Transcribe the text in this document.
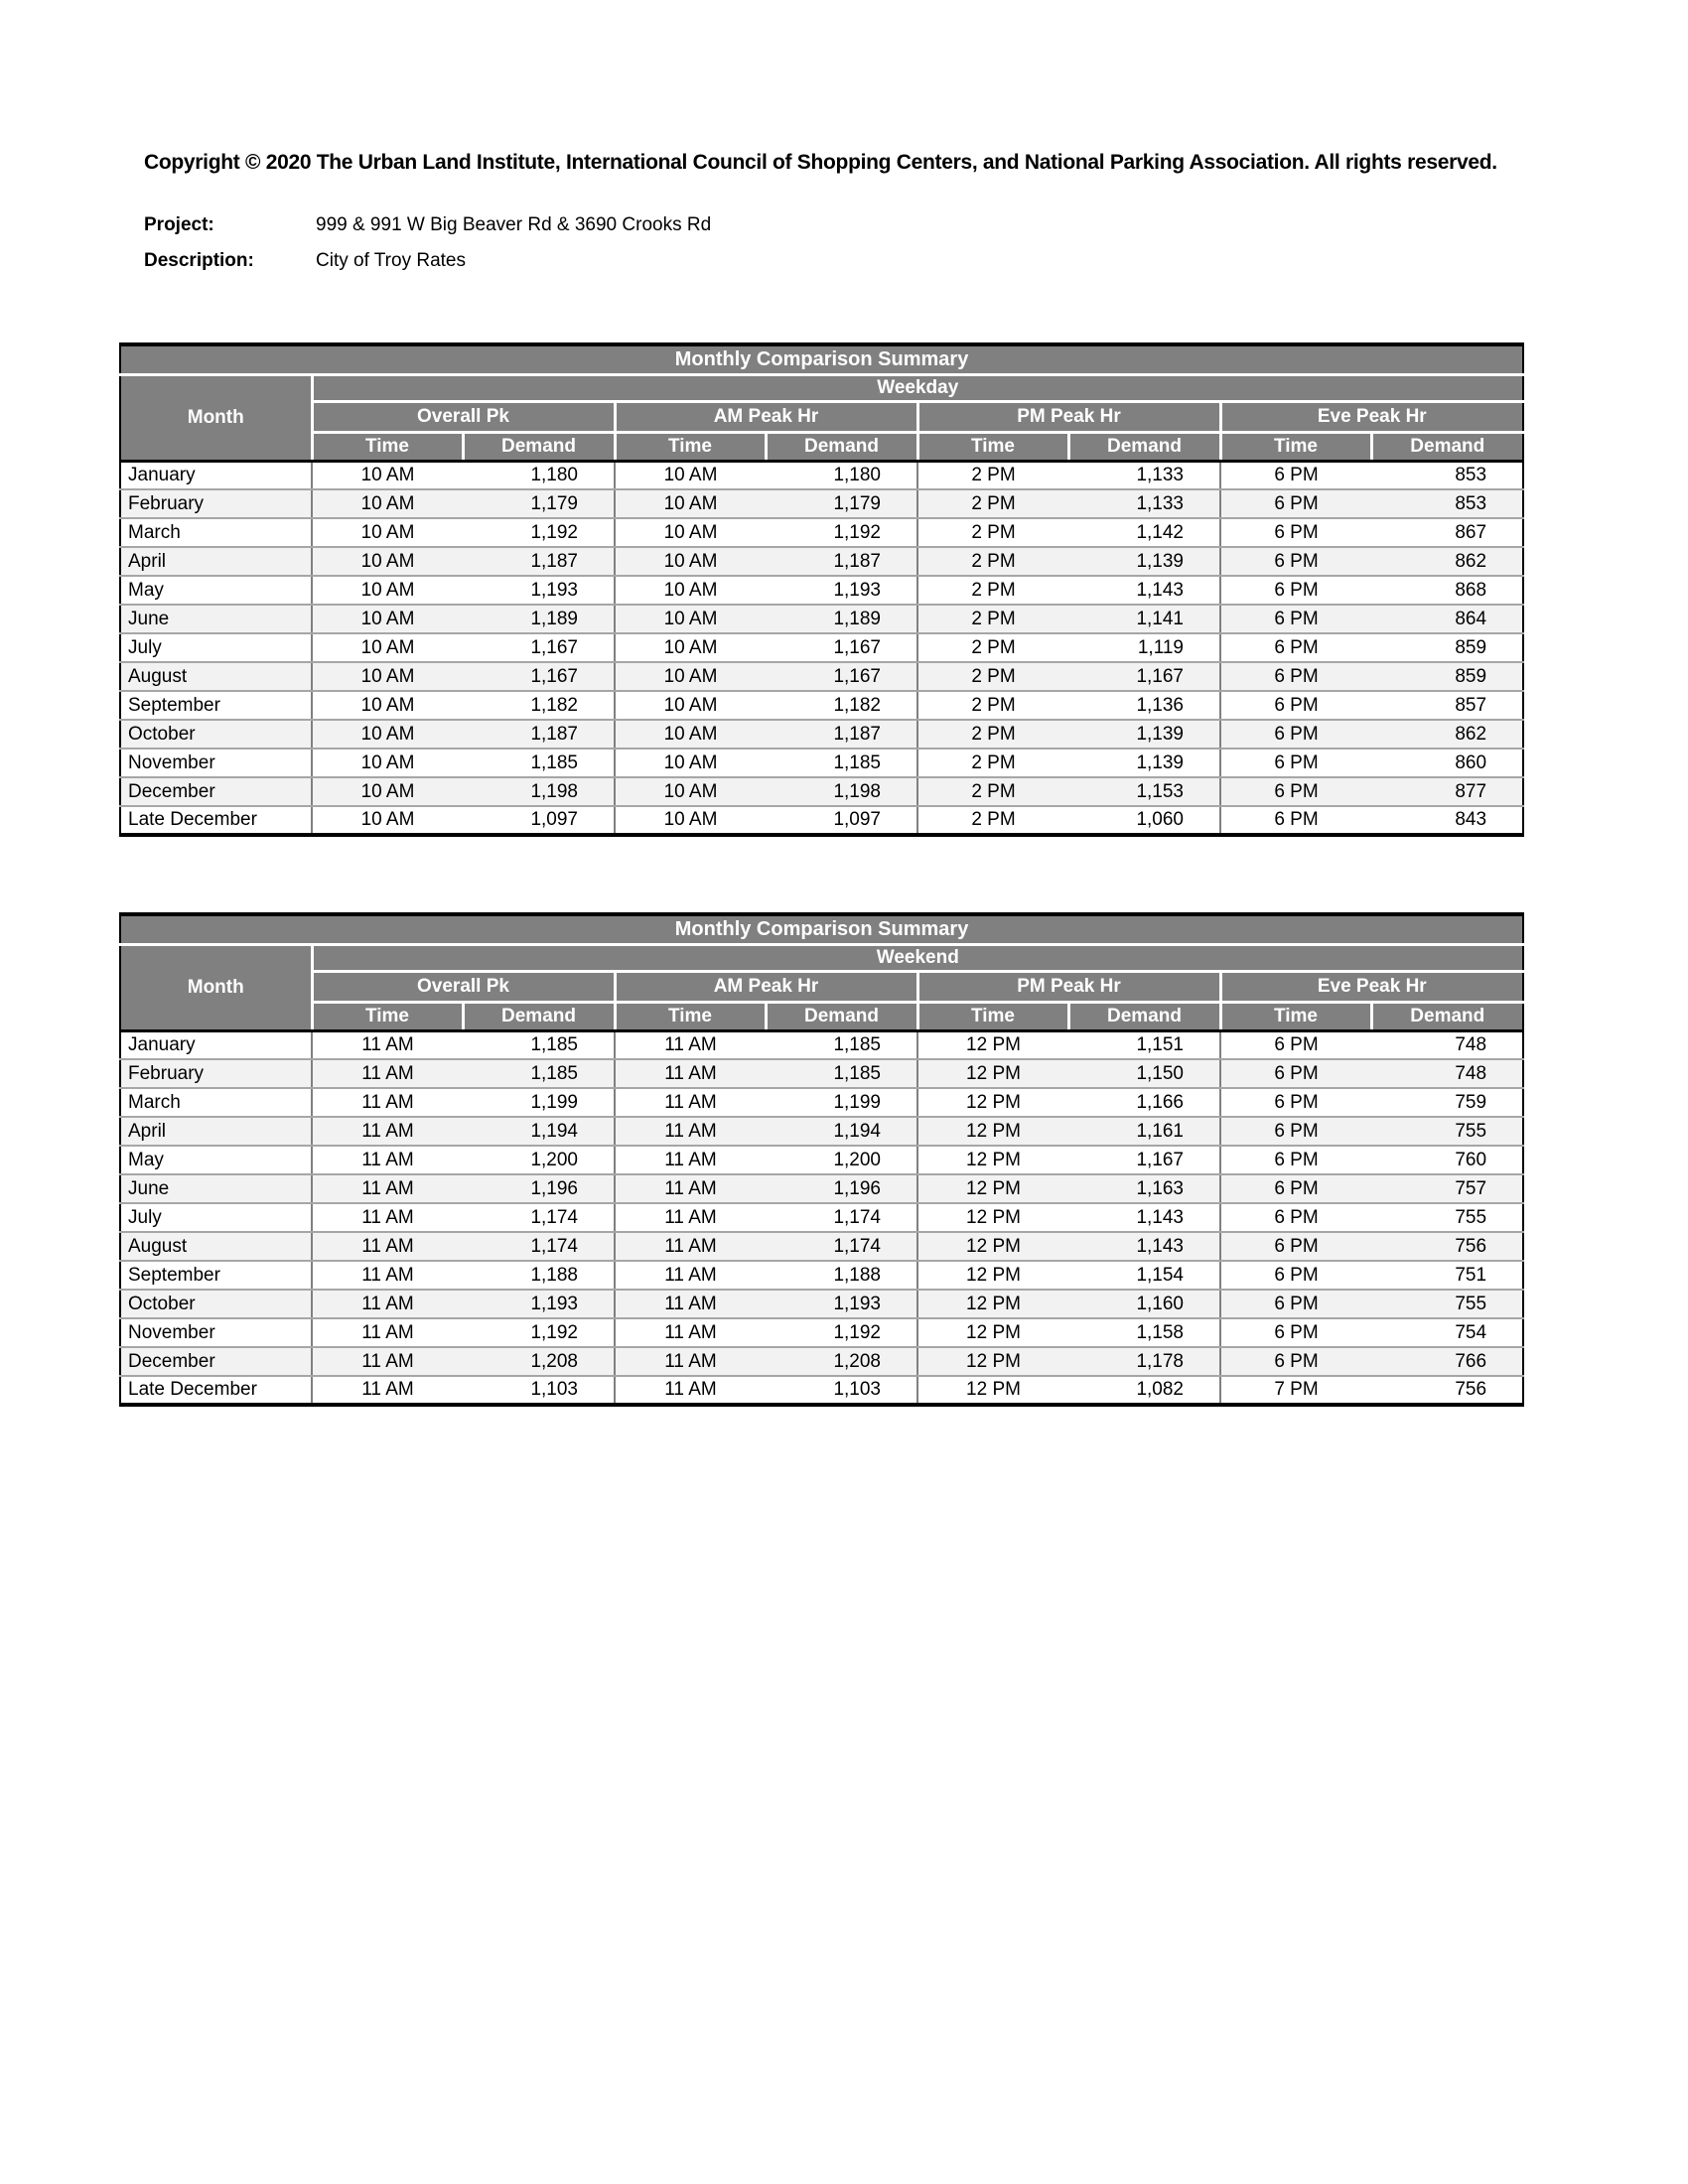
Copyright © 2020 The Urban Land Institute, International Council of Shopping Centers, and National Parking Association. All rights reserved.
Project:	999 & 991 W Big Beaver Rd & 3690 Crooks Rd
Description:	City of Troy Rates
Monthly Comparison Summary								
Month	Weekday							
	Overall Pk		AM Peak Hr		PM Peak Hr		Eve Peak Hr	
	Time	Demand	Time	Demand	Time	Demand	Time	Demand
January	10 AM	1,180	10 AM	1,180	2 PM	1,133	6 PM	853
February	10 AM	1,179	10 AM	1,179	2 PM	1,133	6 PM	853
March	10 AM	1,192	10 AM	1,192	2 PM	1,142	6 PM	867
April	10 AM	1,187	10 AM	1,187	2 PM	1,139	6 PM	862
May	10 AM	1,193	10 AM	1,193	2 PM	1,143	6 PM	868
June	10 AM	1,189	10 AM	1,189	2 PM	1,141	6 PM	864
July	10 AM	1,167	10 AM	1,167	2 PM	1,119	6 PM	859
August	10 AM	1,167	10 AM	1,167	2 PM	1,167	6 PM	859
September	10 AM	1,182	10 AM	1,182	2 PM	1,136	6 PM	857
October	10 AM	1,187	10 AM	1,187	2 PM	1,139	6 PM	862
November	10 AM	1,185	10 AM	1,185	2 PM	1,139	6 PM	860
December	10 AM	1,198	10 AM	1,198	2 PM	1,153	6 PM	877
Late December	10 AM	1,097	10 AM	1,097	2 PM	1,060	6 PM	843
Monthly Comparison Summary								
Month	Weekend							
	Overall Pk		AM Peak Hr		PM Peak Hr		Eve Peak Hr	
	Time	Demand	Time	Demand	Time	Demand	Time	Demand
January	11 AM	1,185	11 AM	1,185	12 PM	1,151	6 PM	748
February	11 AM	1,185	11 AM	1,185	12 PM	1,150	6 PM	748
March	11 AM	1,199	11 AM	1,199	12 PM	1,166	6 PM	759
April	11 AM	1,194	11 AM	1,194	12 PM	1,161	6 PM	755
May	11 AM	1,200	11 AM	1,200	12 PM	1,167	6 PM	760
June	11 AM	1,196	11 AM	1,196	12 PM	1,163	6 PM	757
July	11 AM	1,174	11 AM	1,174	12 PM	1,143	6 PM	755
August	11 AM	1,174	11 AM	1,174	12 PM	1,143	6 PM	756
September	11 AM	1,188	11 AM	1,188	12 PM	1,154	6 PM	751
October	11 AM	1,193	11 AM	1,193	12 PM	1,160	6 PM	755
November	11 AM	1,192	11 AM	1,192	12 PM	1,158	6 PM	754
December	11 AM	1,208	11 AM	1,208	12 PM	1,178	6 PM	766
Late December	11 AM	1,103	11 AM	1,103	12 PM	1,082	7 PM	756
